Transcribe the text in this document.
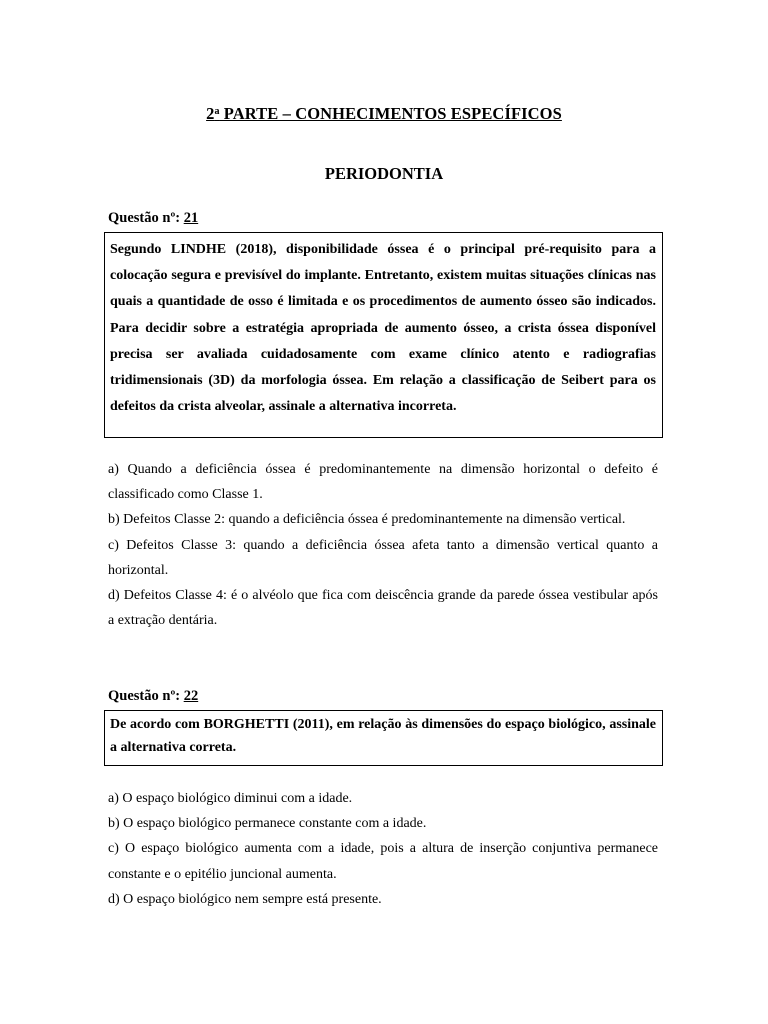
2$^a$ PARTE – CONHECIMENTOS ESPECÍFICOS
PERIODONTIA
Questão nº: 21
Segundo LINDHE (2018), disponibilidade óssea é o principal pré-requisito para a colocação segura e previsível do implante. Entretanto, existem muitas situações clínicas nas quais a quantidade de osso é limitada e os procedimentos de aumento ósseo são indicados. Para decidir sobre a estratégia apropriada de aumento ósseo, a crista óssea disponível precisa ser avaliada cuidadosamente com exame clínico atento e radiografias tridimensionais (3D) da morfologia óssea. Em relação a classificação de Seibert para os defeitos da crista alveolar, assinale a alternativa incorreta.

a) Quando a deficiência óssea é predominantemente na dimensão horizontal o defeito é classificado como Classe 1.

b) Defeitos Classe 2: quando a deficiência óssea é predominantemente na dimensão vertical.

c) Defeitos Classe 3: quando a deficiência óssea afeta tanto a dimensão vertical quanto a horizontal.

d) Defeitos Classe 4: é o alvéolo que fica com deiscência grande da parede óssea vestibular após a extração dentária.

Questão nº: 22
De acordo com BORGHETTI (2011), em relação às dimensões do espaço biológico, assinale a alternativa correta.

a) O espaço biológico diminui com a idade.

b) O espaço biológico permanece constante com a idade.

c) O espaço biológico aumenta com a idade, pois a altura de inserção conjuntiva permanece constante e o epitélio juncional aumenta.

d) O espaço biológico nem sempre está presente.
